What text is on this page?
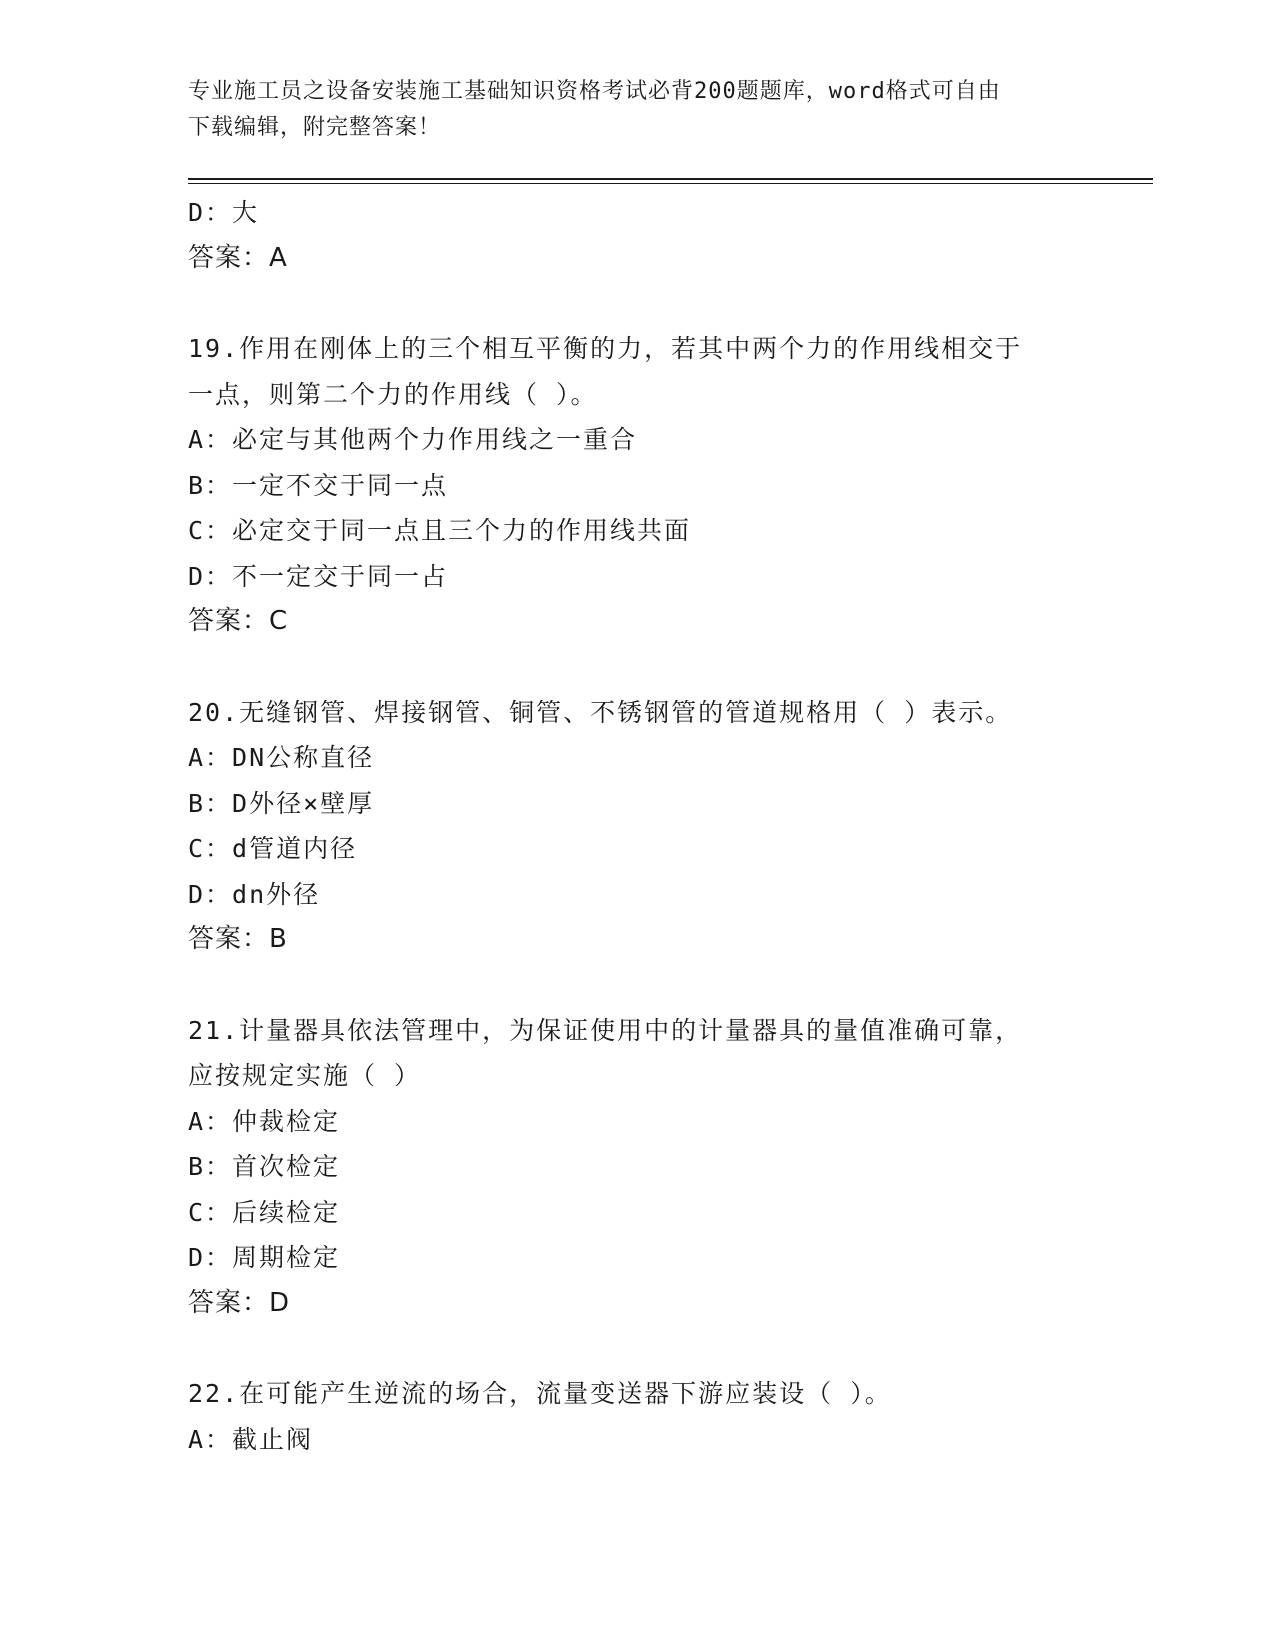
专业施工员之设备安装施工基础知识资格考试必背200题题库，word格式可自由
下载编辑，附完整答案！
D：大
答案：A
19.作用在刚体上的三个相互平衡的力，若其中两个力的作用线相交于
一点，则第二个力的作用线（ ）。
A：必定与其他两个力作用线之一重合
B：一定不交于同一点
C：必定交于同一点且三个力的作用线共面
D：不一定交于同一占
答案：C
20.无缝钢管、焊接钢管、铜管、不锈钢管的管道规格用（ ）表示。
A：DN公称直径
B：D外径×壁厚
C：d管道内径
D：dn外径
答案：B
21.计量器具依法管理中，为保证使用中的计量器具的量值准确可靠，
应按规定实施（ ）
A：仲裁检定
B：首次检定
C：后续检定
D：周期检定
答案：D
22.在可能产生逆流的场合，流量变送器下游应装设（ ）。
A：截止阀
